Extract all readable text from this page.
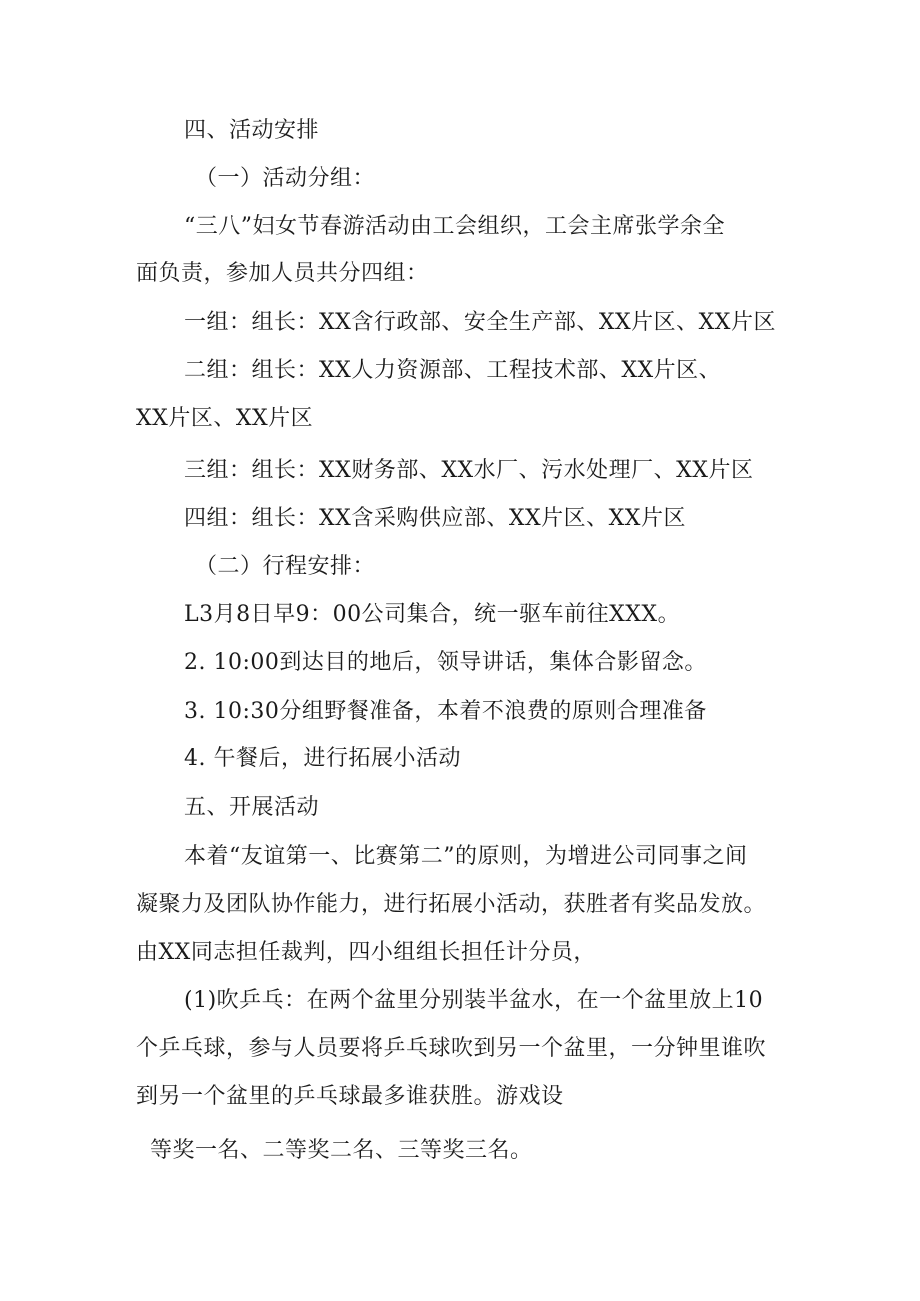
四、活动安排
（一）活动分组：
“三八”妇女节春游活动由工会组织，工会主席张学余全
面负责，参加人员共分四组：
一组：组长：XX含行政部、安全生产部、XX片区、XX片区
二组：组长：XX人力资源部、工程技术部、XX片区、
XX片区、XX片区
三组：组长：XX财务部、XX水厂、污水处理厂、XX片区
四组：组长：XX含采购供应部、XX片区、XX片区
（二）行程安排：
L3月8日早9：00公司集合，统一驱车前往XXX。
2. 10:00到达目的地后，领导讲话，集体合影留念。
3. 10:30分组野餐准备，本着不浪费的原则合理准备
4. 午餐后，进行拓展小活动
五、开展活动
本着“友谊第一、比赛第二”的原则，为增进公司同事之间
凝聚力及团队协作能力，进行拓展小活动，获胜者有奖品发放。
由XX同志担任裁判，四小组组长担任计分员，
(1)吹乒乓：在两个盆里分别装半盆水，在一个盆里放上10
个乒乓球，参与人员要将乒乓球吹到另一个盆里，一分钟里谁吹
到另一个盆里的乒乓球最多谁获胜。游戏设
等奖一名、二等奖二名、三等奖三名。
